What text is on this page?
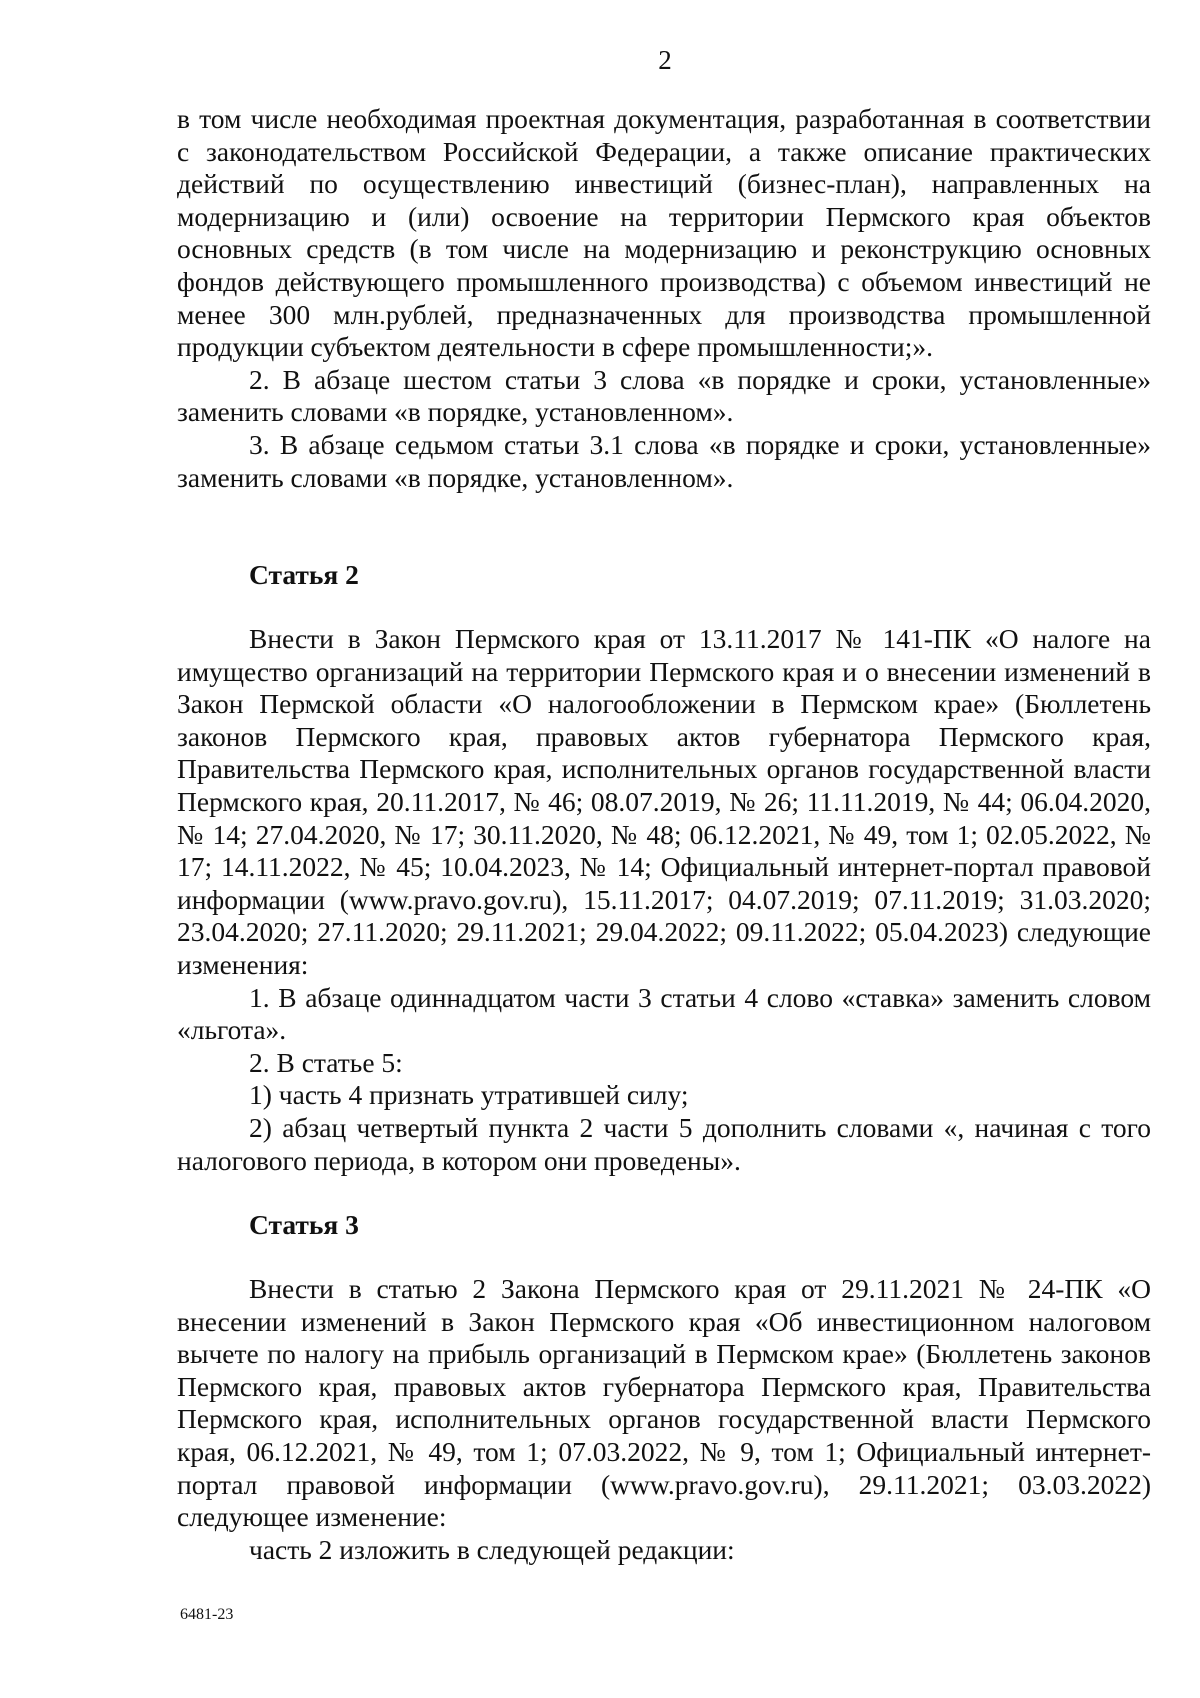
2

в том числе необходимая проектная документация, разработанная в соответствии с законодательством Российской Федерации, а также описание практических действий по осуществлению инвестиций (бизнес-план), направленных на модернизацию и (или) освоение на территории Пермского края объектов основных средств (в том числе на модернизацию и реконструкцию основных фондов действующего промышленного производства) с объемом инвестиций не менее 300 млн.рублей, предназначенных для производства промышленной продукции субъектом деятельности в сфере промышленности;».

2. В абзаце шестом статьи 3 слова «в порядке и сроки, установленные» заменить словами «в порядке, установленном».

3. В абзаце седьмом статьи 3.1 слова «в порядке и сроки, установленные» заменить словами «в порядке, установленном».

Статья 2

Внести в Закон Пермского края от 13.11.2017 № 141-ПК «О налоге на имущество организаций на территории Пермского края и о внесении изменений в Закон Пермской области «О налогообложении в Пермском крае» (Бюллетень законов Пермского края, правовых актов губернатора Пермского края, Правительства Пермского края, исполнительных органов государственной власти Пермского края, 20.11.2017, № 46; 08.07.2019, № 26; 11.11.2019, № 44; 06.04.2020, № 14; 27.04.2020, № 17; 30.11.2020, № 48; 06.12.2021, № 49, том 1; 02.05.2022, № 17; 14.11.2022, № 45; 10.04.2023, № 14; Официальный интернет-портал правовой информации (www.pravo.gov.ru), 15.11.2017; 04.07.2019; 07.11.2019; 31.03.2020; 23.04.2020; 27.11.2020; 29.11.2021; 29.04.2022; 09.11.2022; 05.04.2023) следующие изменения:

1. В абзаце одиннадцатом части 3 статьи 4 слово «ставка» заменить словом «льгота».

2. В статье 5:

1) часть 4 признать утратившей силу;

2) абзац четвертый пункта 2 части 5 дополнить словами «, начиная с того налогового периода, в котором они проведены».

Статья 3

Внести в статью 2 Закона Пермского края от 29.11.2021 № 24-ПК «О внесении изменений в Закон Пермского края «Об инвестиционном налоговом вычете по налогу на прибыль организаций в Пермском крае» (Бюллетень законов Пермского края, правовых актов губернатора Пермского края, Правительства Пермского края, исполнительных органов государственной власти Пермского края, 06.12.2021, № 49, том 1; 07.03.2022, № 9, том 1; Официальный интернет-портал правовой информации (www.pravo.gov.ru), 29.11.2021; 03.03.2022) следующее изменение:

часть 2 изложить в следующей редакции:

6481-23
